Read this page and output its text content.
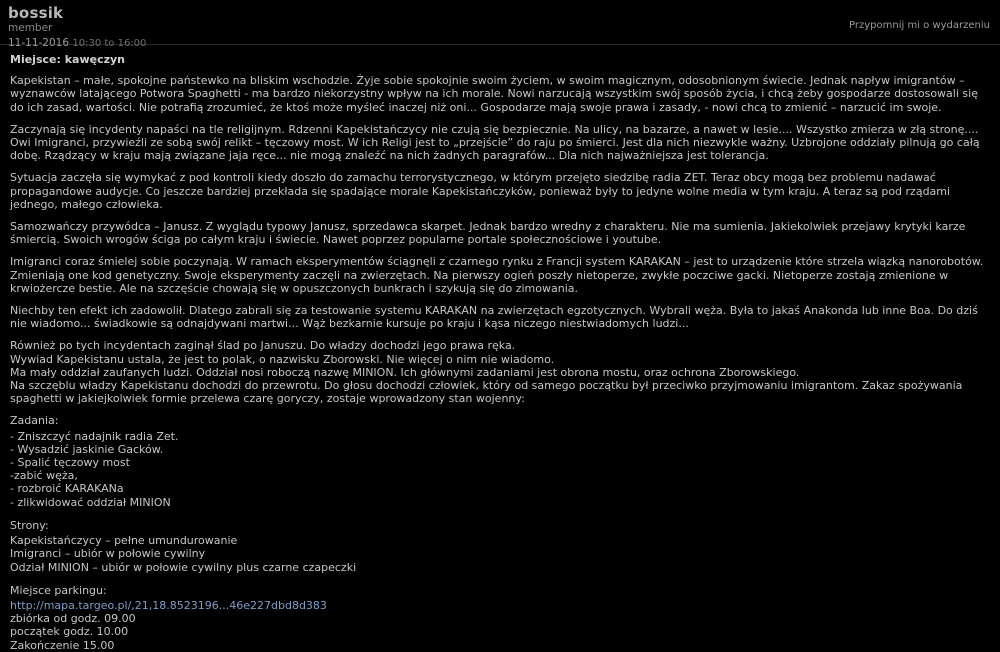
bossik
member
11-11-2016 10:30 to 16:00
Przypomnij mi o wydarzeniu
Miejsce: kawęczyn

Kapekistan – małe, spokojne państewko na bliskim wschodzie. Żyje sobie spokojnie swoim życiem, w swoim magicznym, odosobnionym świecie. Jednak napływ imigrantów – wyznawców latającego Potwora Spaghetti - ma bardzo niekorzystny wpływ na ich morale. Nowi narzucają wszystkim swój sposób życia, i chcą żeby gospodarze dostosowali się do ich zasad, wartości. Nie potrafią zrozumieć, że ktoś może myśleć inaczej niż oni... Gospodarze mają swoje prawa i zasady, - nowi chcą to zmienić – narzucić im swoje.

Zaczynają się incydenty napaści na tle religijnym. Rdzenni Kapekistańczycy nie czują się bezpiecznie. Na ulicy, na bazarze, a nawet w lesie.... Wszystko zmierza w złą stronę.... Owi Imigranci, przywieźli ze sobą swój relikt – tęczowy most. W ich Religi jest to „przejście” do raju po śmierci. Jest dla nich niezwykle ważny. Uzbrojone oddziały pilnują go całą dobę. Rządzący w kraju mają związane jaja ręce... nie mogą znaleźć na nich żadnych paragrafów... Dla nich najważniejsza jest tolerancja.

Sytuacja zaczęła się wymykać z pod kontroli kiedy doszło do zamachu terrorystycznego, w którym przejęto siedzibę radia ZET. Teraz obcy mogą bez problemu nadawać propagandowe audycje. Co jeszcze bardziej przekłada się spadające morale Kapekistańczyków, ponieważ były to jedyne wolne media w tym kraju. A teraz są pod rządami jednego, małego człowieka.

Samozwańczy przywódca – Janusz. Z wyglądu typowy Janusz, sprzedawca skarpet. Jednak bardzo wredny z charakteru. Nie ma sumienia. Jakiekolwiek przejawy krytyki karze śmiercią. Swoich wrogów ściga po całym kraju i świecie. Nawet poprzez popularne portale społecznościowe i youtube.

Imigranci coraz śmielej sobie poczynają. W ramach eksperymentów ściągnęli z czarnego rynku z Francji system KARAKAN – jest to urządzenie które strzela wiązką nanorobotów. Zmieniają one kod genetyczny. Swoje eksperymenty zaczęli na zwierzętach. Na pierwszy ogień poszły nietoperze, zwykłe poczciwe gacki. Nietoperze zostają zmienione w krwiożercze bestie. Ale na szczęście chowają się w opuszczonych bunkrach i szykują się do zimowania.

Niechby ten efekt ich zadowolił. Dlatego zabrali się za testowanie systemu KARAKAN na zwierzętach egzotycznych. Wybrali węża. Była to jakaś Anakonda lub inne Boa. Do dziś nie wiadomo... świadkowie są odnajdywani martwi... Wąż bezkarnie kursuje po kraju i kąsa niczego niestwiadomych ludzi...

Również po tych incydentach zaginął ślad po Januszu. Do władzy dochodzi jego prawa ręka.

Wywiad Kapekistanu ustala, że jest to polak, o nazwisku Zborowski. Nie więcej o nim nie wiadomo.

Ma mały oddział zaufanych ludzi. Oddział nosi roboczą nazwę MINION. Ich głównymi zadaniami jest obrona mostu, oraz ochrona Zborowskiego.

Na szczęblu władzy Kapekistanu dochodzi do przewrotu. Do głosu dochodzi człowiek, który od samego początku był przeciwko przyjmowaniu imigrantom. Zakaz spożywania spaghetti w jakiejkolwiek formie przelewa czarę goryczy, zostaje wprowadzony stan wojenny:

Zadania:
- Zniszczyć nadajnik radia Zet.
- Wysadzić jaskinie Gacków.
- Spalić tęczowy most
-zabić węża,
- rozbroić KARAKANa
- zlikwidować oddział MINION
Strony:
Kapekistańczycy – pełne umundurowanie
Imigranci – ubiór w połowie cywilny
Odział MINION – ubiór w połowie cywilny plus czarne czapeczki
Miejsce parkingu:
http://mapa.targeo.pl/,21,18.8523196...46e227dbd8d383
zbiórka od godz. 09.00
początek godz. 10.00
Zakończenie 15.00
